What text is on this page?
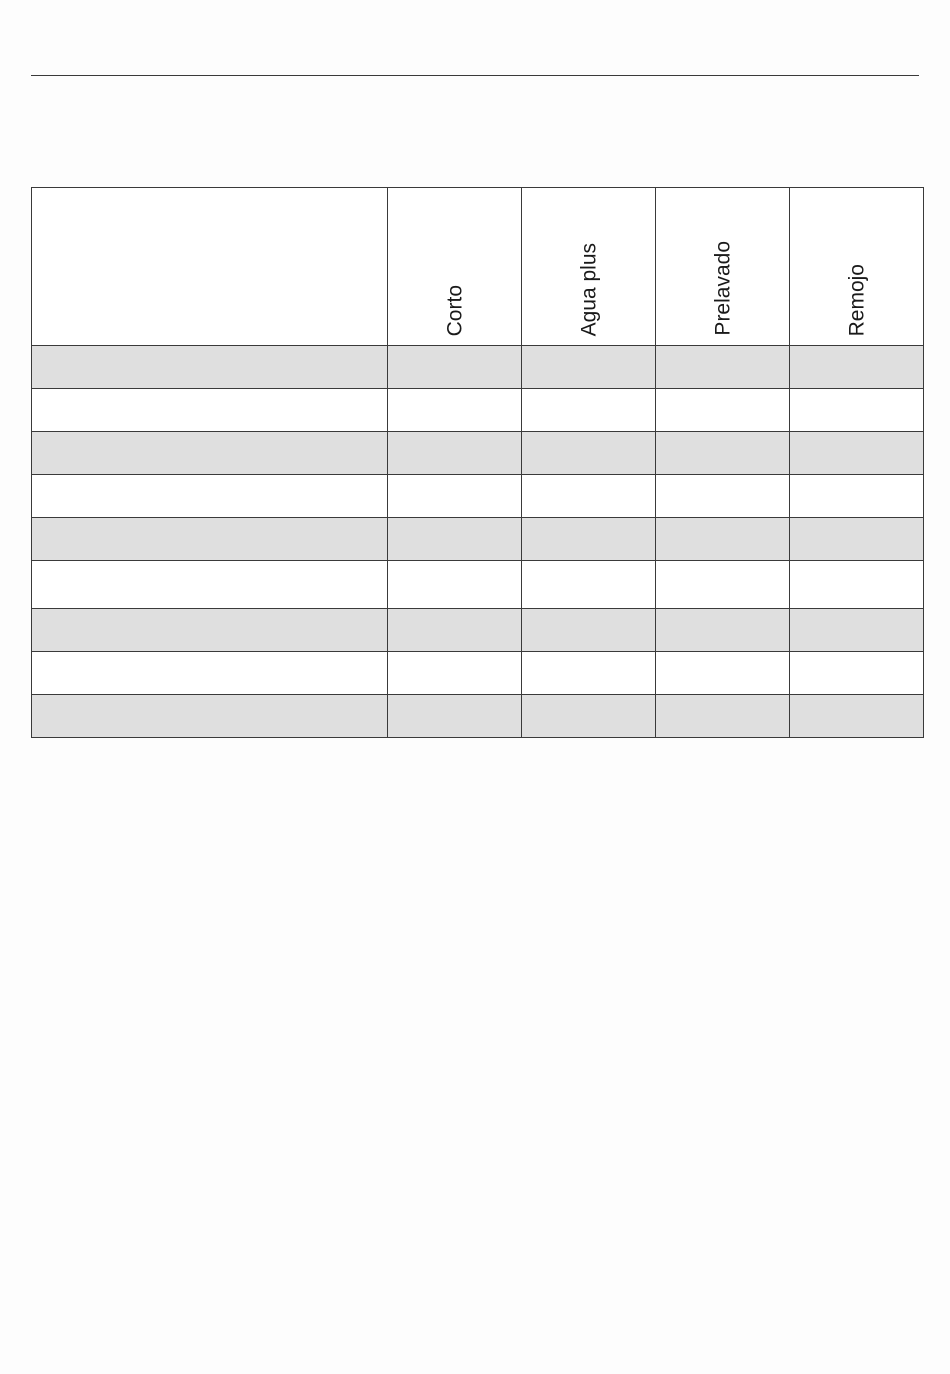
	Corto	Agua plus	Prelavado	Remojo
